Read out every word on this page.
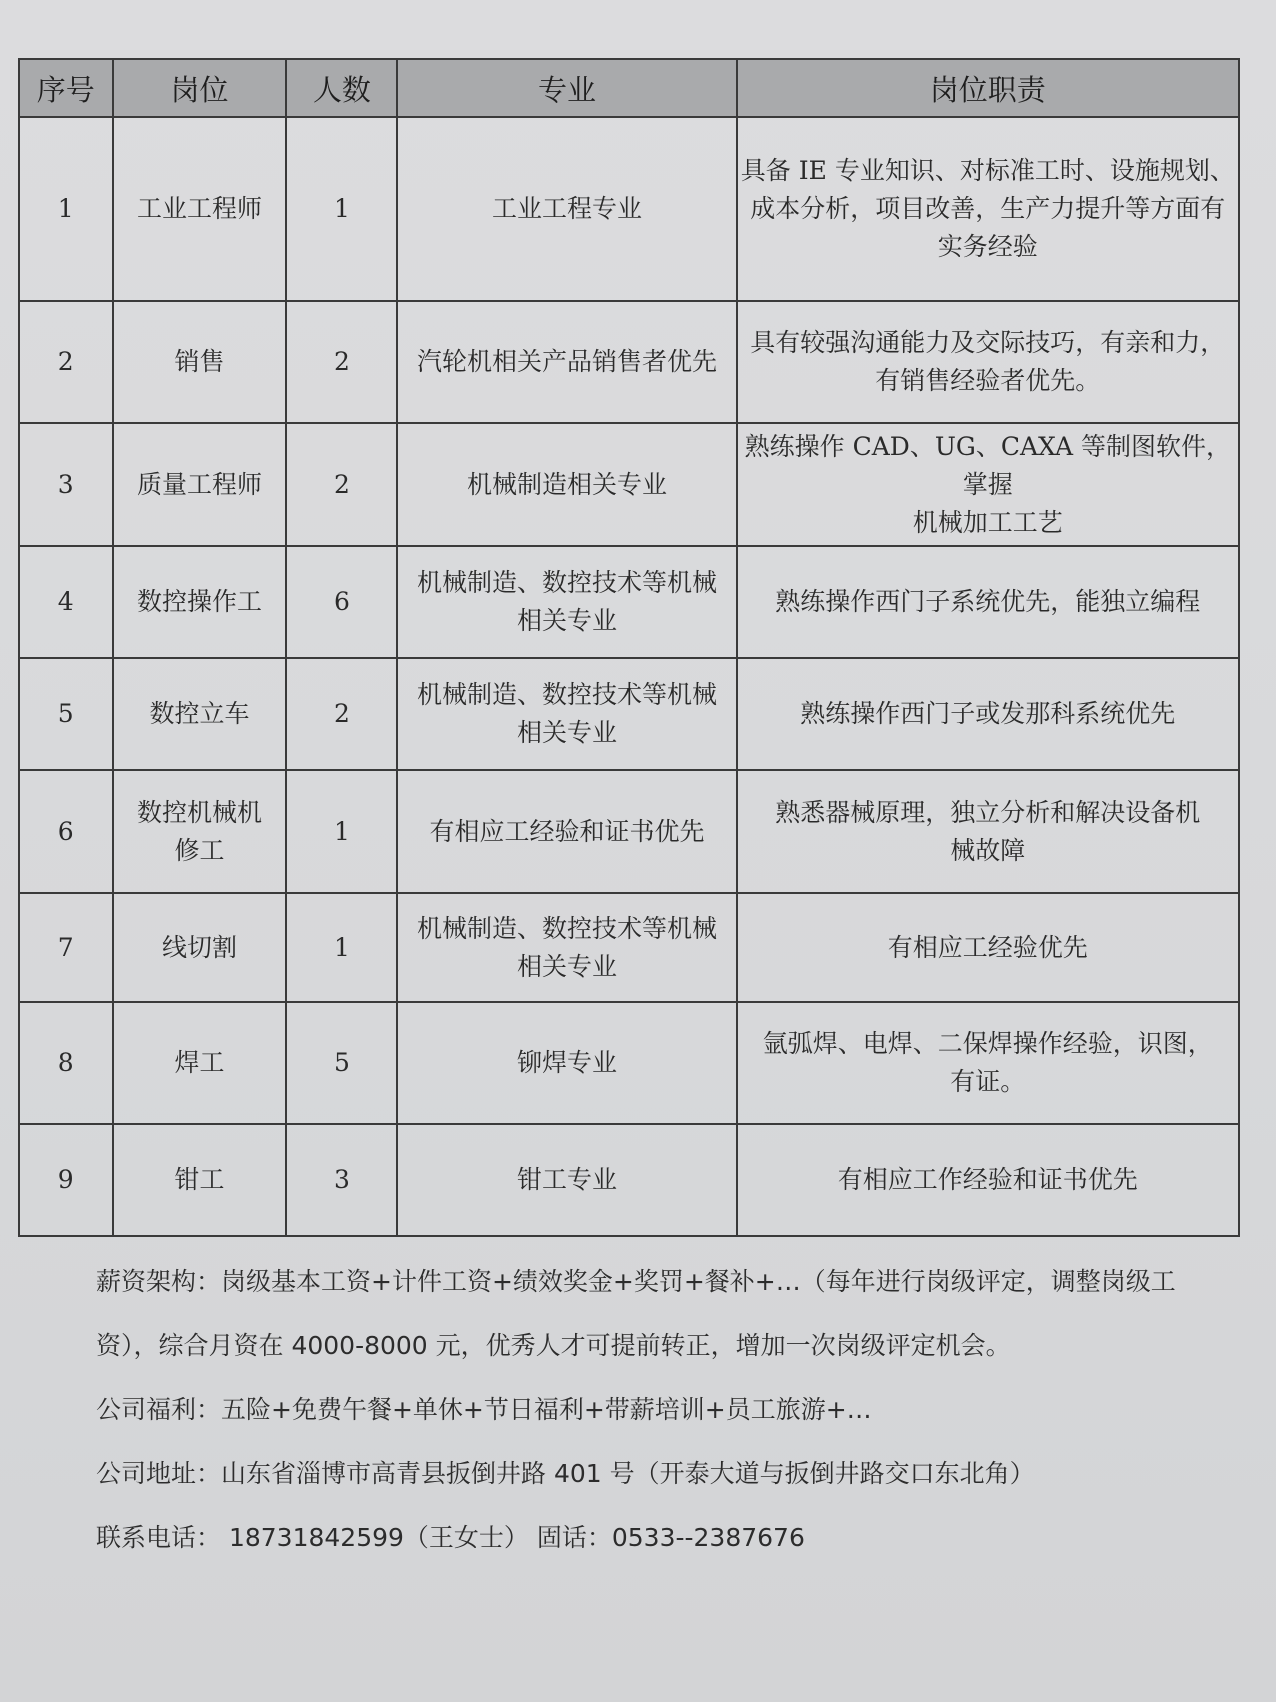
序号	岗位	人数	专业	岗位职责
1	工业工程师	1	工业工程专业	具备 IE 专业知识、对标准工时、设施规划、
成本分析，项目改善，生产力提升等方面有

实务经验

2	销售	2	汽轮机相关产品销售者优先	具有较强沟通能力及交际技巧，有亲和力，

有销售经验者优先。

3	质量工程师	2	机械制造相关专业	熟练操作 CAD、UG、CAXA 等制图软件，掌握

机械加工工艺

4	数控操作工	6	机械制造、数控技术等机械
相关专业	熟练操作西门子系统优先，能独立编程
5	数控立车	2	机械制造、数控技术等机械
相关专业	熟练操作西门子或发那科系统优先
6	数控机械机
修工	1	有相应工经验和证书优先	熟悉器械原理，独立分析和解决设备机
械故障
7	线切割	1	机械制造、数控技术等机械
相关专业	有相应工经验优先
8	焊工	5	铆焊专业	氩弧焊、电焊、二保焊操作经验，识图，
有证。
9	钳工	3	钳工专业	有相应工作经验和证书优先

薪资架构：岗级基本工资+计件工资+绩效奖金+奖罚+餐补+…（每年进行岗级评定，调整岗级工

资），综合月资在 4000-8000 元，优秀人才可提前转正，增加一次岗级评定机会。

公司福利：五险+免费午餐+单休+节日福利+带薪培训+员工旅游+…

公司地址：山东省淄博市高青县扳倒井路 401 号（开泰大道与扳倒井路交口东北角）

联系电话： 18731842599（王女士） 固话：0533--2387676
